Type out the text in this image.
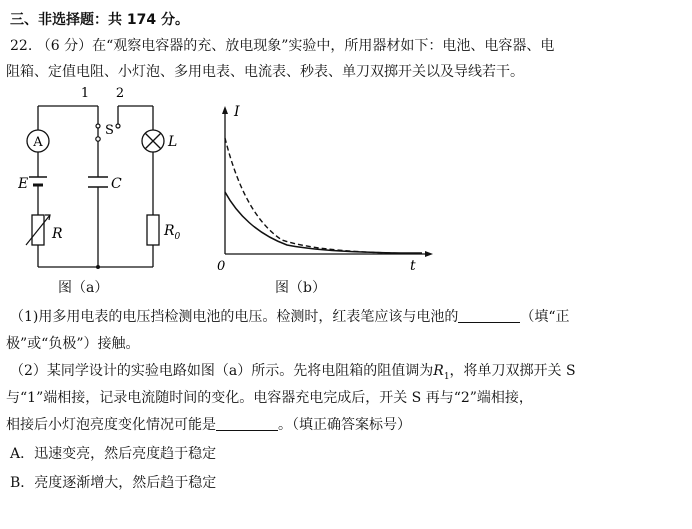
三、非选择题：共 174 分。
22. （6 分）在“观察电容器的充、放电现象”实验中，所用器材如下：电池、电容器、电
阻箱、定值电阻、小灯泡、多用电表、电流表、秒表、单刀双掷开关以及导线若干。
A
1 2
S
L
E	C
R	$R_0$
图（a）
I
t
0
图（b）
（1)用多用电表的电压挡检测电池的电压。检测时，红表笔应该与电池的	（填“正
极”或“负极”）接触。
（2）某同学设计的实验电路如图（a）所示。先将电阻箱的阻值调为$R_1$，将单刀双掷开关 S
与“1”端相接，记录电流随时间的变化。电容器充电完成后，开关 S 再与“2”端相接，
相接后小灯泡亮度变化情况可能是	。（填正确答案标号）
A．迅速变亮，然后亮度趋于稳定
B．亮度逐渐增大，然后趋于稳定
